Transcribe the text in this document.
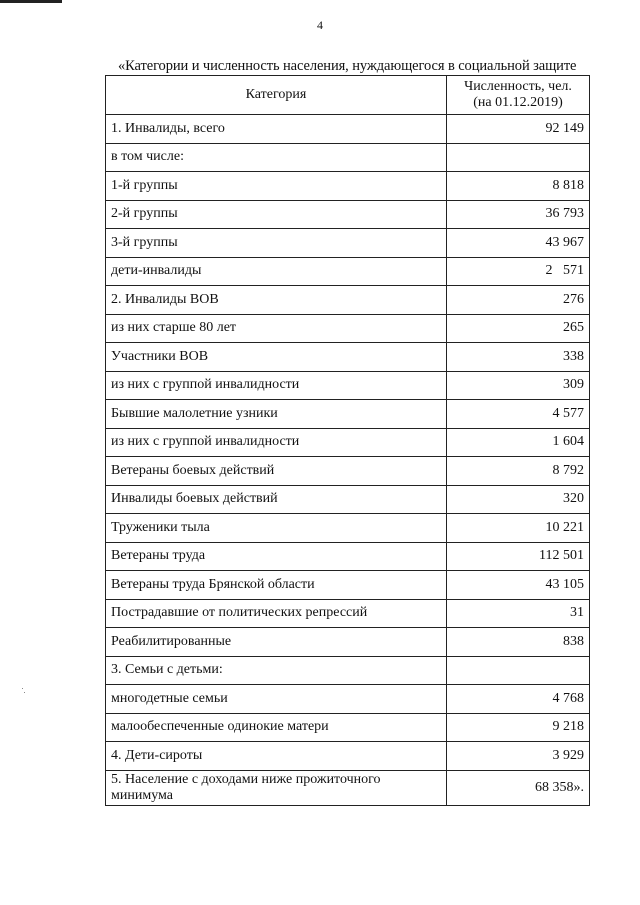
4
«Категории и численность населения, нуждающегося в социальной защите
Категория	Численность, чел.
(на 01.12.2019)
1. Инвалиды, всего	92 149
в том числе:	
1-й группы	8 818
2-й группы	36 793
3-й группы	43 967
дети-инвалиды	2   571
2. Инвалиды ВОВ	276
из них старше 80 лет	265
Участники ВОВ	338
из них с группой инвалидности	309
Бывшие малолетние узники	4 577
из них с группой инвалидности	1 604
Ветераны боевых действий	8 792
Инвалиды боевых действий	320
Труженики тыла	10 221
Ветераны труда	112 501
Ветераны труда Брянской области	43 105
Пострадавшие от политических репрессий	31
Реабилитированные	838
3. Семьи с детьми:	
многодетные семьи	4 768
малообеспеченные одинокие матери	9 218
4. Дети-сироты	3 929
5. Население с доходами ниже прожиточного минимума	68 358».
